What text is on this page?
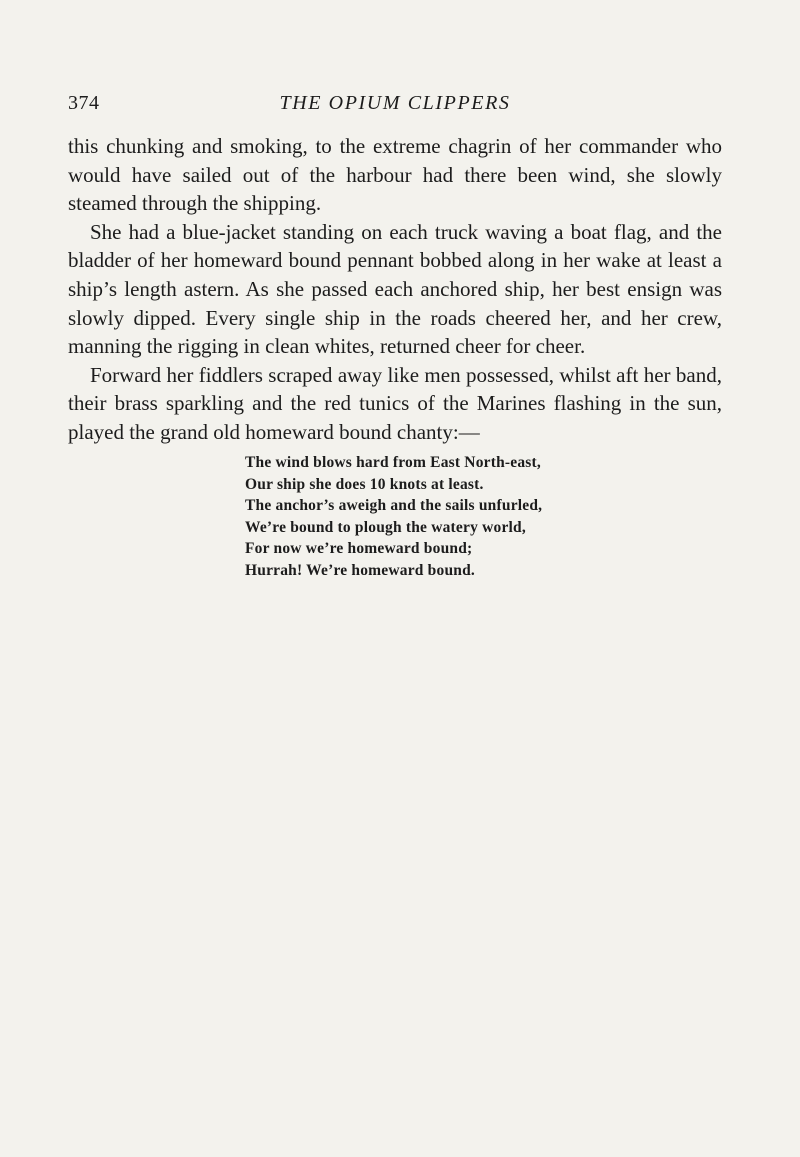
374	THE OPIUM CLIPPERS

this chunking and smoking, to the extreme chagrin of her commander who would have sailed out of the harbour had there been wind, she slowly steamed through the shipping.

She had a blue-jacket standing on each truck waving a boat flag, and the bladder of her homeward bound pennant bobbed along in her wake at least a ship’s length astern. As she passed each anchored ship, her best ensign was slowly dipped. Every single ship in the roads cheered her, and her crew, manning the rigging in clean whites, returned cheer for cheer.

Forward her fiddlers scraped away like men possessed, whilst aft her band, their brass sparkling and the red tunics of the Marines flashing in the sun, played the grand old homeward bound chanty:—

The wind blows hard from East North-east,
Our ship she does 10 knots at least.
The anchor’s aweigh and the sails unfurled,
We’re bound to plough the watery world,
For now we’re homeward bound;
Hurrah! We’re homeward bound.
